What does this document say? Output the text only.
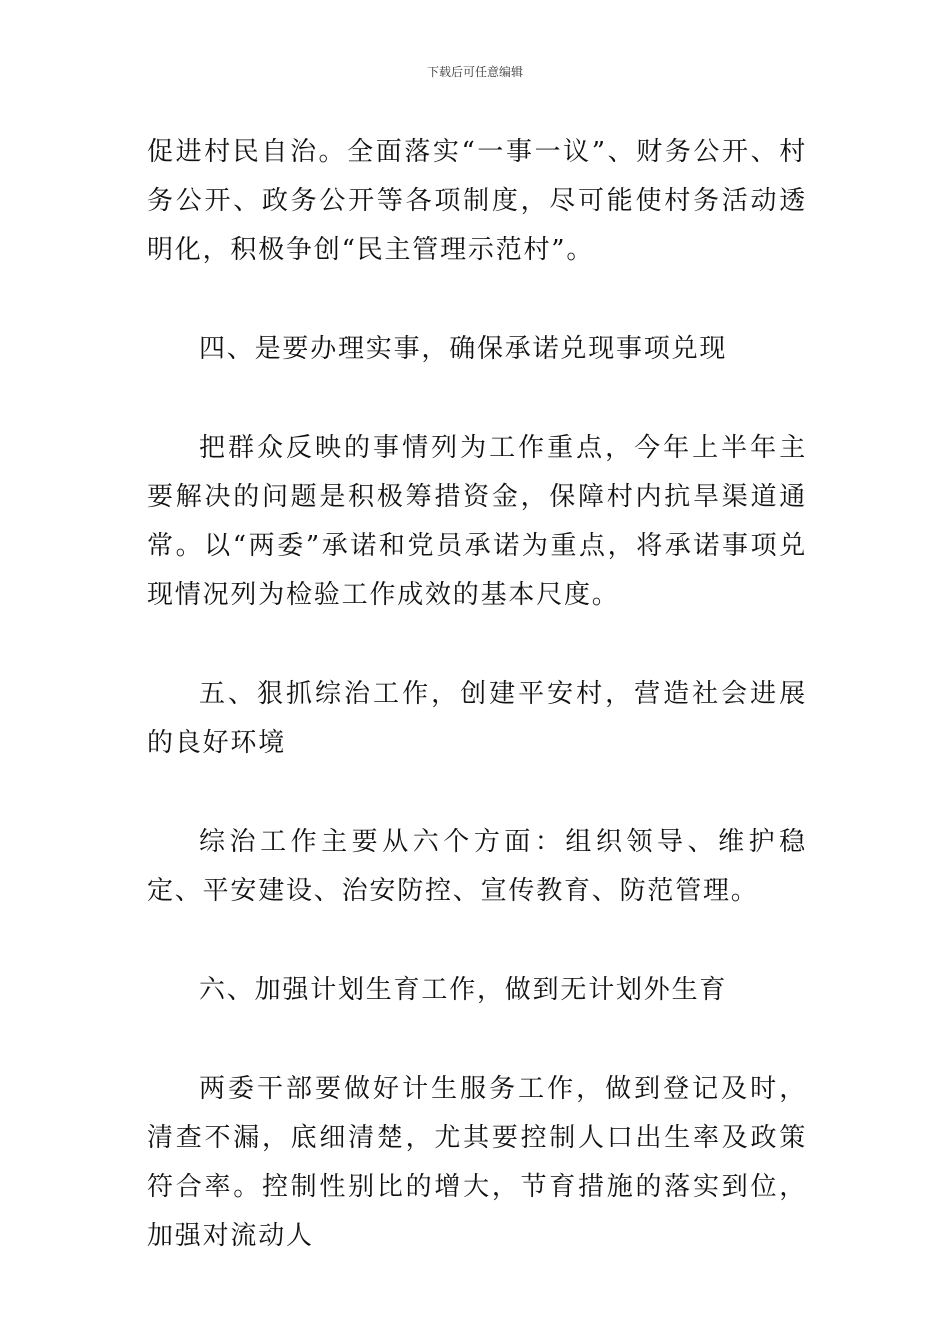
下载后可任意编辑

促进村民自治。全面落实“一事一议”、财务公开、村务公开、政务公开等各项制度，尽可能使村务活动透明化，积极争创“民主管理示范村”。

四、是要办理实事，确保承诺兑现事项兑现

把群众反映的事情列为工作重点，今年上半年主要解决的问题是积极筹措资金，保障村内抗旱渠道通常。以“两委”承诺和党员承诺为重点，将承诺事项兑现情况列为检验工作成效的基本尺度。

五、狠抓综治工作，创建平安村，营造社会进展的良好环境

综治工作主要从六个方面：组织领导、维护稳定、平安建设、治安防控、宣传教育、防范管理。

六、加强计划生育工作，做到无计划外生育

两委干部要做好计生服务工作，做到登记及时，清查不漏，底细清楚，尤其要控制人口出生率及政策符合率。控制性别比的增大，节育措施的落实到位，加强对流动人
